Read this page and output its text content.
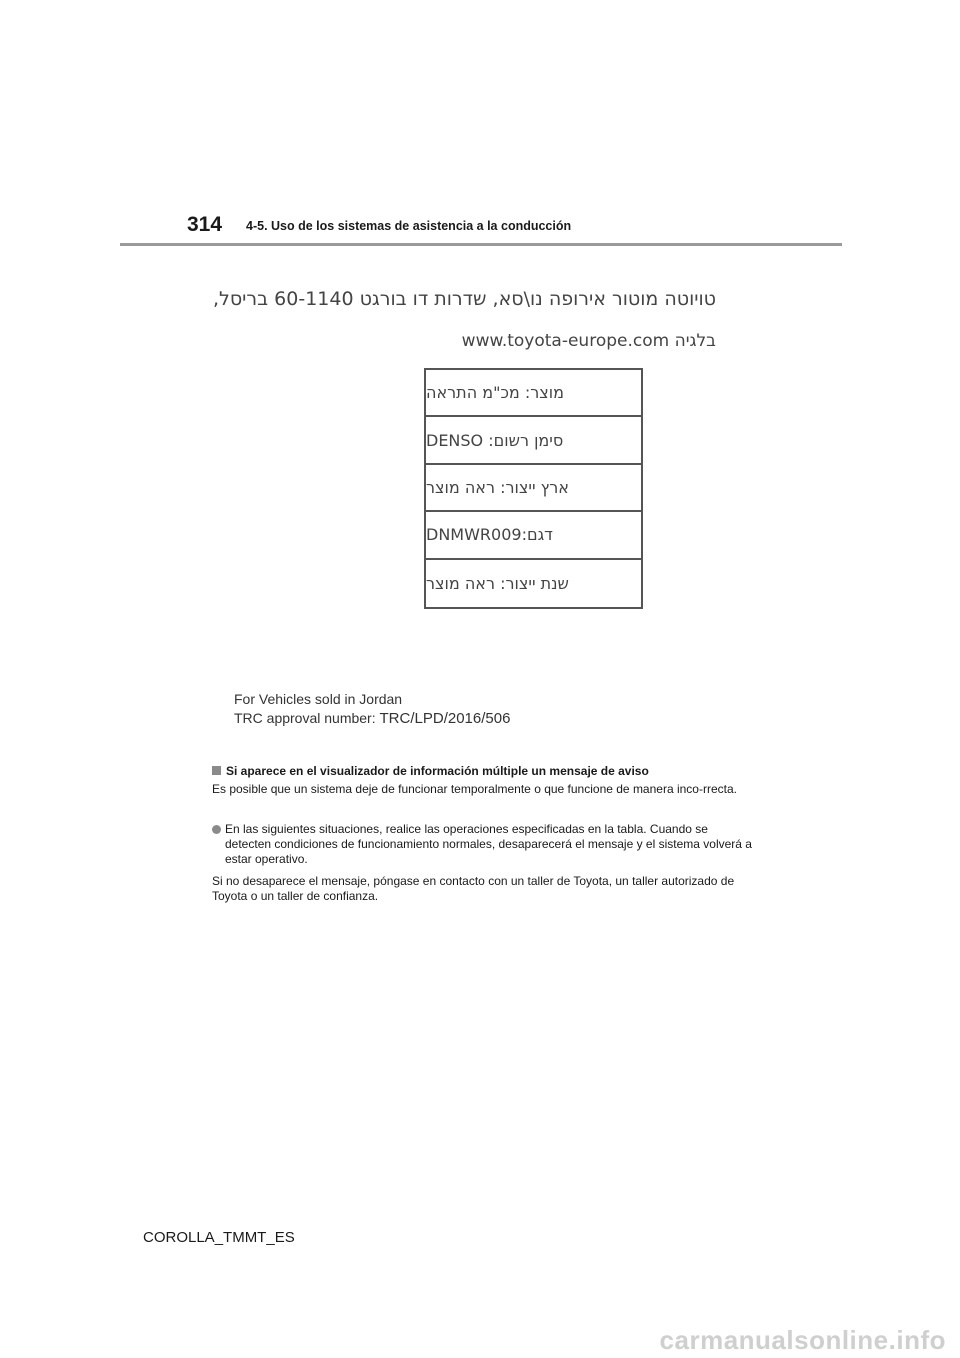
314 4-5. Uso de los sistemas de asistencia a la conducción
טויוטה מוטור אירופה נו\סא, שדרות דו בורגט 60-1140 בריסל,
www.toyota-europe.com בלגיה
מוצר: מכ"מ התראה
סימן רשום: DENSO
ארץ ייצור: ראה מוצר
דגם:DNMWR009
שנת ייצור: ראה מוצר
For Vehicles sold in Jordan
TRC approval number: TRC/LPD/2016/506
Si aparece en el visualizador de información múltiple un mensaje de aviso
Es posible que un sistema deje de funcionar temporalmente o que funcione de manera inco-rrecta.
En las siguientes situaciones, realice las operaciones especificadas en la tabla. Cuando se detecten condiciones de funcionamiento normales, desaparecerá el mensaje y el sistema volverá a estar operativo.
Si no desaparece el mensaje, póngase en contacto con un taller de Toyota, un taller autorizado de Toyota o un taller de confianza.
COROLLA_TMMT_ES
carmanualsonline.info
